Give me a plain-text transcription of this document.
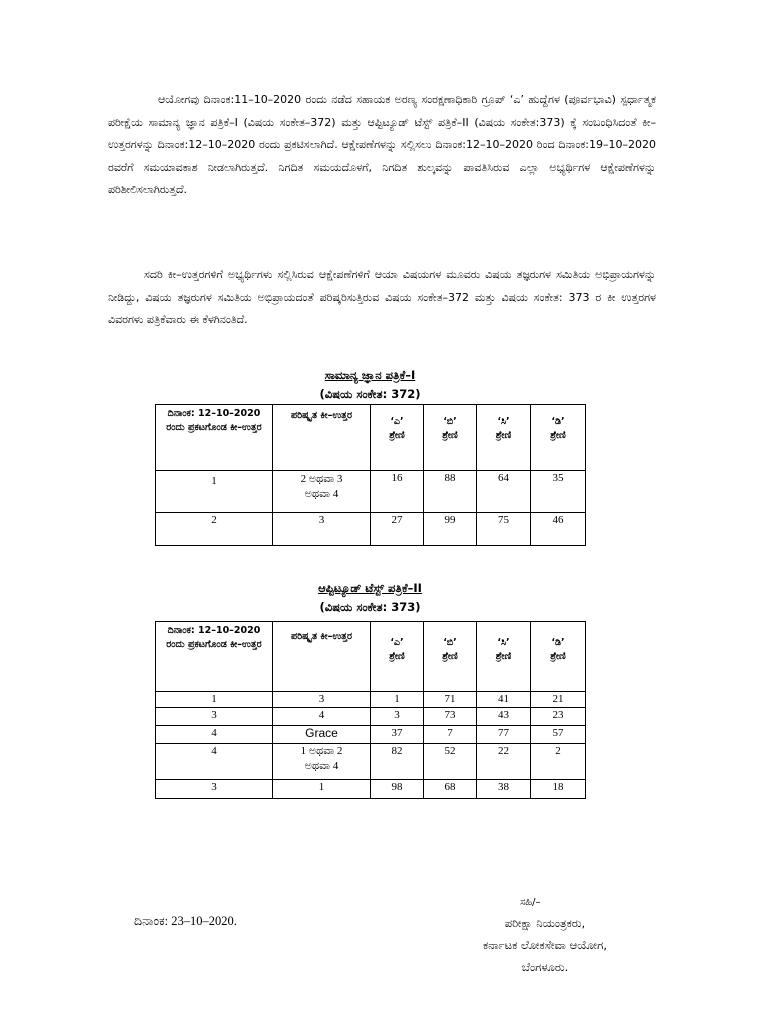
ಆಯೋಗವು ದಿನಾಂಕ:11–10–2020 ರಂದು ನಡೆದ ಸಹಾಯಕ ಅರಣ್ಯ ಸಂರಕ್ಷಣಾಧಿಕಾರಿ ಗ್ರೂಪ್ ‘ಎ’ ಹುದ್ದೆಗಳ (ಪೂರ್ವಭಾವಿ) ಸ್ಪರ್ಧಾತ್ಮಕ ಪರೀಕ್ಷೆಯ ಸಾಮಾನ್ಯ ಜ್ಞಾನ ಪತ್ರಿಕೆ–I (ವಿಷಯ ಸಂಕೇತ–372) ಮತ್ತು ಆಪ್ಟಿಟ್ಯೂಡ್ ಟೆಸ್ಟ್ ಪತ್ರಿಕೆ–II (ವಿಷಯ ಸಂಕೇತ:373) ಕ್ಕೆ ಸಂಬಂಧಿಸಿದಂತೆ ಕೀ–ಉತ್ತರಗಳನ್ನು ದಿನಾಂಕ:12–10–2020 ರಂದು ಪ್ರಕಟಿಸಲಾಗಿದೆ. ಆಕ್ಷೇಪಣೆಗಳನ್ನು ಸಲ್ಲಿಸಲು ದಿನಾಂಕ:12–10–2020 ರಿಂದ ದಿನಾಂಕ:19–10–2020 ರವರೆಗೆ ಸಮಯಾವಕಾಶ ನೀಡಲಾಗಿರುತ್ತದೆ. ನಿಗದಿತ ಸಮಯದೊಳಗೆ, ನಿಗದಿತ ಶುಲ್ಕವನ್ನು ಪಾವತಿಸಿರುವ ಎಲ್ಲಾ ಅಭ್ಯರ್ಥಿಗಳ ಆಕ್ಷೇಪಣೆಗಳನ್ನು ಪರಿಶೀಲಿಸಲಾಗಿರುತ್ತದೆ.

ಸದರಿ ಕೀ–ಉತ್ತರಗಳಿಗೆ ಅಭ್ಯರ್ಥಿಗಳು ಸಲ್ಲಿಸಿರುವ ಆಕ್ಷೇಪಣೆಗಳಿಗೆ ಆಯಾ ವಿಷಯಗಳ ಮೂವರು ವಿಷಯ ತಜ್ಞರುಗಳ ಸಮಿತಿಯ ಅಭಿಪ್ರಾಯಗಳನ್ನು ನೀಡಿದ್ದು, ವಿಷಯ ತಜ್ಞರುಗಳ ಸಮಿತಿಯ ಅಭಿಪ್ರಾಯದಂತೆ ಪರಿಷ್ಕರಿಸುತ್ತಿರುವ ವಿಷಯ ಸಂಕೇತ–372 ಮತ್ತು ವಿಷಯ ಸಂಕೇತ: 373 ರ ಕೀ ಉತ್ತರಗಳ ವಿವರಗಳು ಪತ್ರಿಕೆವಾರು ಈ ಕೆಳಗಿನಂತಿದೆ.

ಸಾಮಾನ್ಯ ಜ್ಞಾನ ಪತ್ರಿಕೆ–I
(ವಿಷಯ ಸಂಕೇತ: 372)
ದಿನಾಂಕ: 12–10–2020 ರಂದು ಪ್ರಕಟಗೊಂಡ ಕೀ–ಉತ್ತರ	ಪರಿಷ್ಕೃತ ಕೀ–ಉತ್ತರ	‘ಎ’ ಶ್ರೇಣಿ	‘ಬಿ’ ಶ್ರೇಣಿ	‘ಸಿ’ ಶ್ರೇಣಿ	‘ಡಿ’ ಶ್ರೇಣಿ
1	2 ಅಥವಾ 3 ಅಥವಾ 4	16	88	64	35
2	3	27	99	75	46
ಆಪ್ಟಿಟ್ಯೂಡ್ ಟೆಸ್ಟ್ ಪತ್ರಿಕೆ–II
(ವಿಷಯ ಸಂಕೇತ: 373)
ದಿನಾಂಕ: 12–10–2020 ರಂದು ಪ್ರಕಟಗೊಂಡ ಕೀ–ಉತ್ತರ	ಪರಿಷ್ಕೃತ ಕೀ–ಉತ್ತರ	‘ಎ’ ಶ್ರೇಣಿ	‘ಬಿ’ ಶ್ರೇಣಿ	‘ಸಿ’ ಶ್ರೇಣಿ	‘ಡಿ’ ಶ್ರೇಣಿ
1	3	1	71	41	21
3	4	3	73	43	23
4	Grace	37	7	77	57
4	1 ಅಥವಾ 2 ಅಥವಾ 4	82	52	22	2
3	1	98	68	38	18
ದಿನಾಂಕ: 23–10–2020.
ಸಹಿ/–
ಪರೀಕ್ಷಾ ನಿಯಂತ್ರಕರು,
ಕರ್ನಾಟಕ ಲೋಕಸೇವಾ ಆಯೋಗ,
ಬೆಂಗಳೂರು.
